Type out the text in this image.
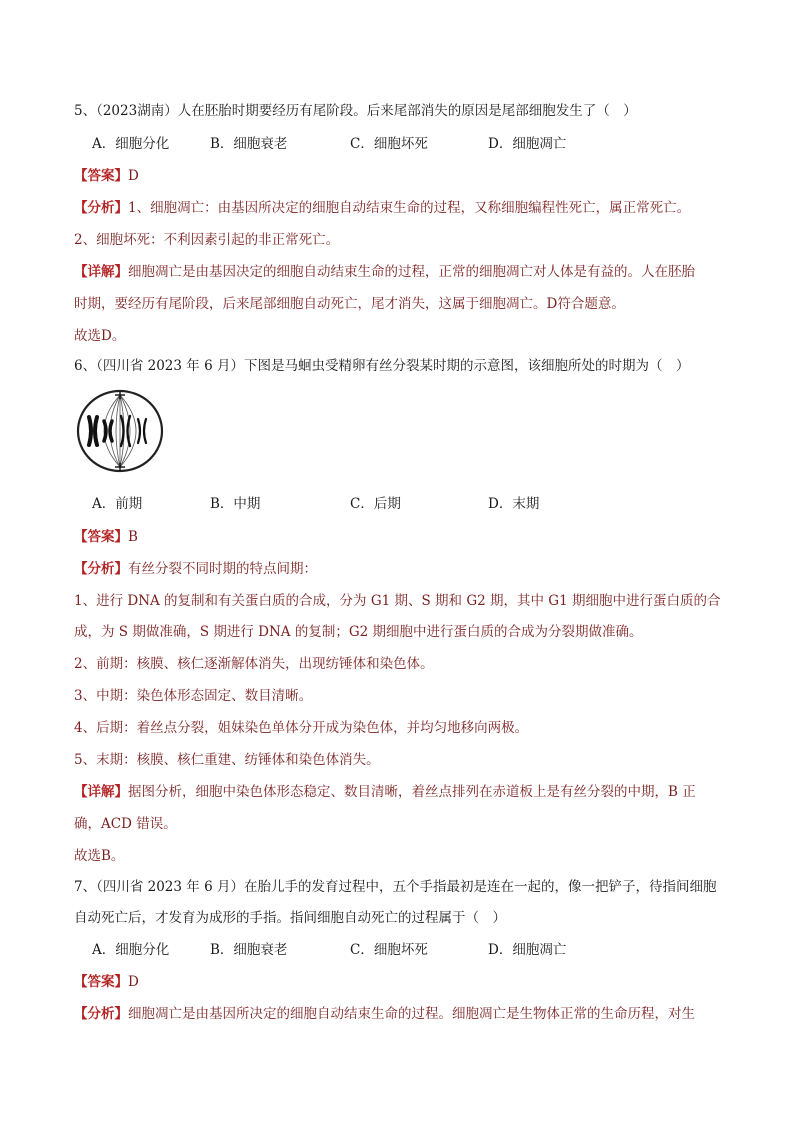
5、（2023湖南）人在胚胎时期要经历有尾阶段。后来尾部消失的原因是尾部细胞发生了（　）
A．细胞分化	B．细胞衰老	C．细胞坏死	D．细胞凋亡
【答案】D
【分析】1、细胞凋亡：由基因所决定的细胞自动结束生命的过程，又称细胞编程性死亡，属正常死亡。
2、细胞坏死：不利因素引起的非正常死亡。
【详解】细胞凋亡是由基因决定的细胞自动结束生命的过程，正常的细胞凋亡对人体是有益的。人在胚胎
时期，要经历有尾阶段，后来尾部细胞自动死亡，尾才消失，这属于细胞凋亡。D符合题意。
故选D。
6、（四川省 2023 年 6 月）下图是马蛔虫受精卵有丝分裂某时期的示意图，该细胞所处的时期为（　）
A．前期	B．中期	C．后期	D．末期
【答案】B
【分析】有丝分裂不同时期的特点间期：
1、进行 DNA 的复制和有关蛋白质的合成，分为 G1 期、S 期和 G2 期，其中 G1 期细胞中进行蛋白质的合
成，为 S 期做准确，S 期进行 DNA 的复制；G2 期细胞中进行蛋白质的合成为分裂期做准确。
2、前期：核膜、核仁逐渐解体消失，出现纺锤体和染色体。
3、中期：染色体形态固定、数目清晰。
4、后期：着丝点分裂，姐妹染色单体分开成为染色体，并均匀地移向两极。
5、末期：核膜、核仁重建、纺锤体和染色体消失。
【详解】据图分析，细胞中染色体形态稳定、数目清晰，着丝点排列在赤道板上是有丝分裂的中期，B 正
确，ACD 错误。
故选B。
7、（四川省 2023 年 6 月）在胎儿手的发育过程中，五个手指最初是连在一起的，像一把铲子，待指间细胞
自动死亡后，才发育为成形的手指。指间细胞自动死亡的过程属于（　）
A．细胞分化	B．细胞衰老	C．细胞坏死	D．细胞凋亡
【答案】D
【分析】细胞凋亡是由基因所决定的细胞自动结束生命的过程。细胞凋亡是生物体正常的生命历程，对生
